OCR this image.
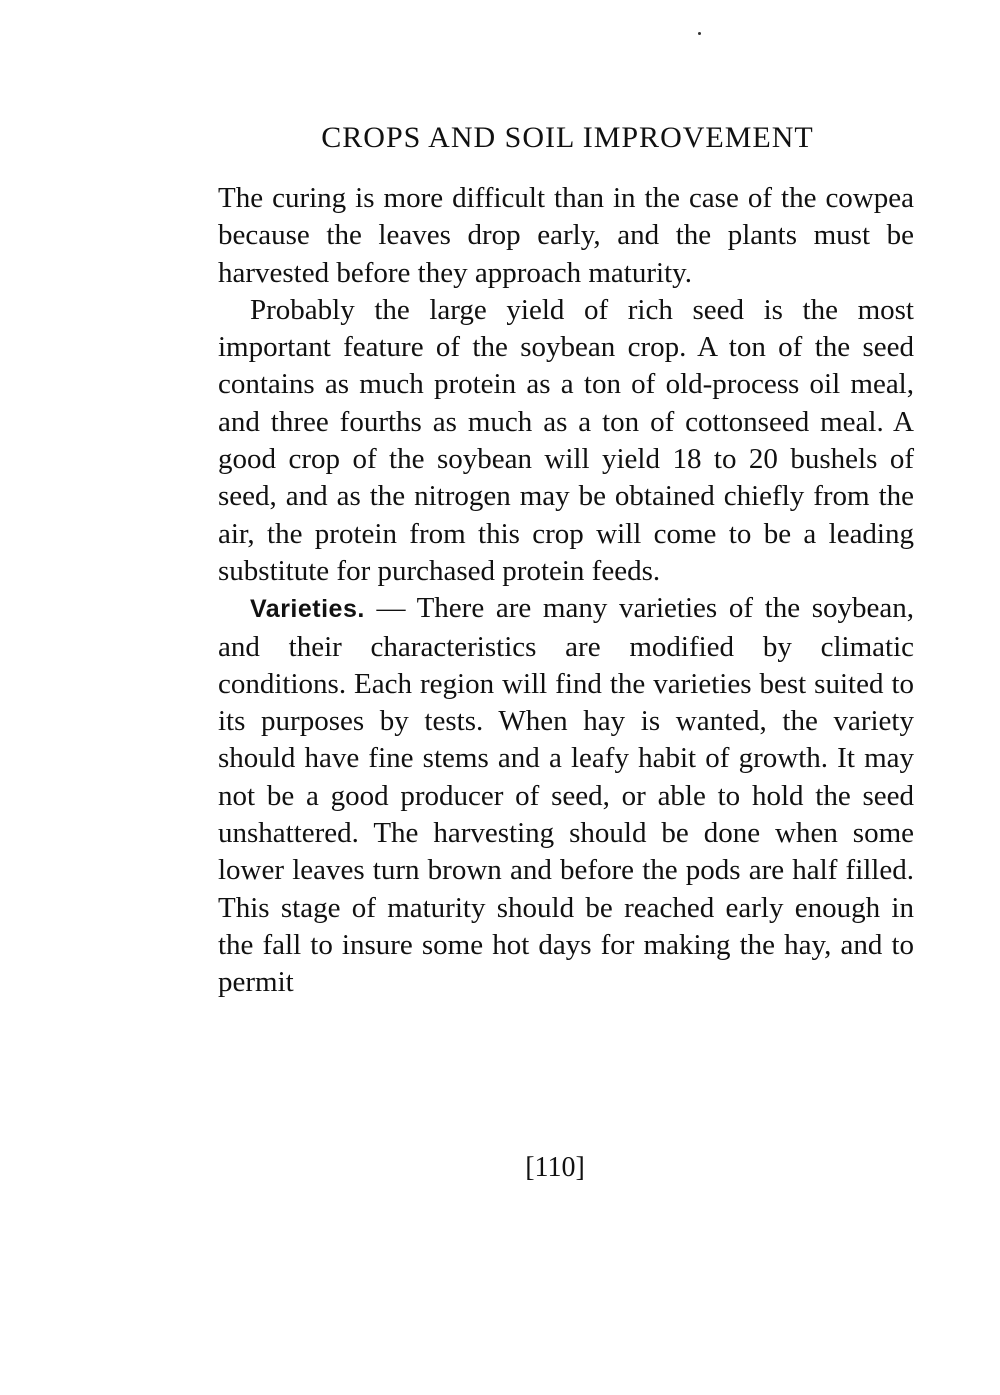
CROPS AND SOIL IMPROVEMENT

The curing is more difficult than in the case of the cowpea because the leaves drop early, and the plants must be harvested before they approach maturity.

Probably the large yield of rich seed is the most important feature of the soybean crop. A ton of the seed contains as much protein as a ton of old-process oil meal, and three fourths as much as a ton of cottonseed meal. A good crop of the soybean will yield 18 to 20 bushels of seed, and as the nitrogen may be obtained chiefly from the air, the protein from this crop will come to be a leading substitute for purchased protein feeds.

Varieties. — There are many varieties of the soybean, and their characteristics are modified by climatic conditions. Each region will find the varieties best suited to its purposes by tests. When hay is wanted, the variety should have fine stems and a leafy habit of growth. It may not be a good producer of seed, or able to hold the seed unshattered. The harvesting should be done when some lower leaves turn brown and before the pods are half filled. This stage of maturity should be reached early enough in the fall to insure some hot days for making the hay, and to permit

[110]
